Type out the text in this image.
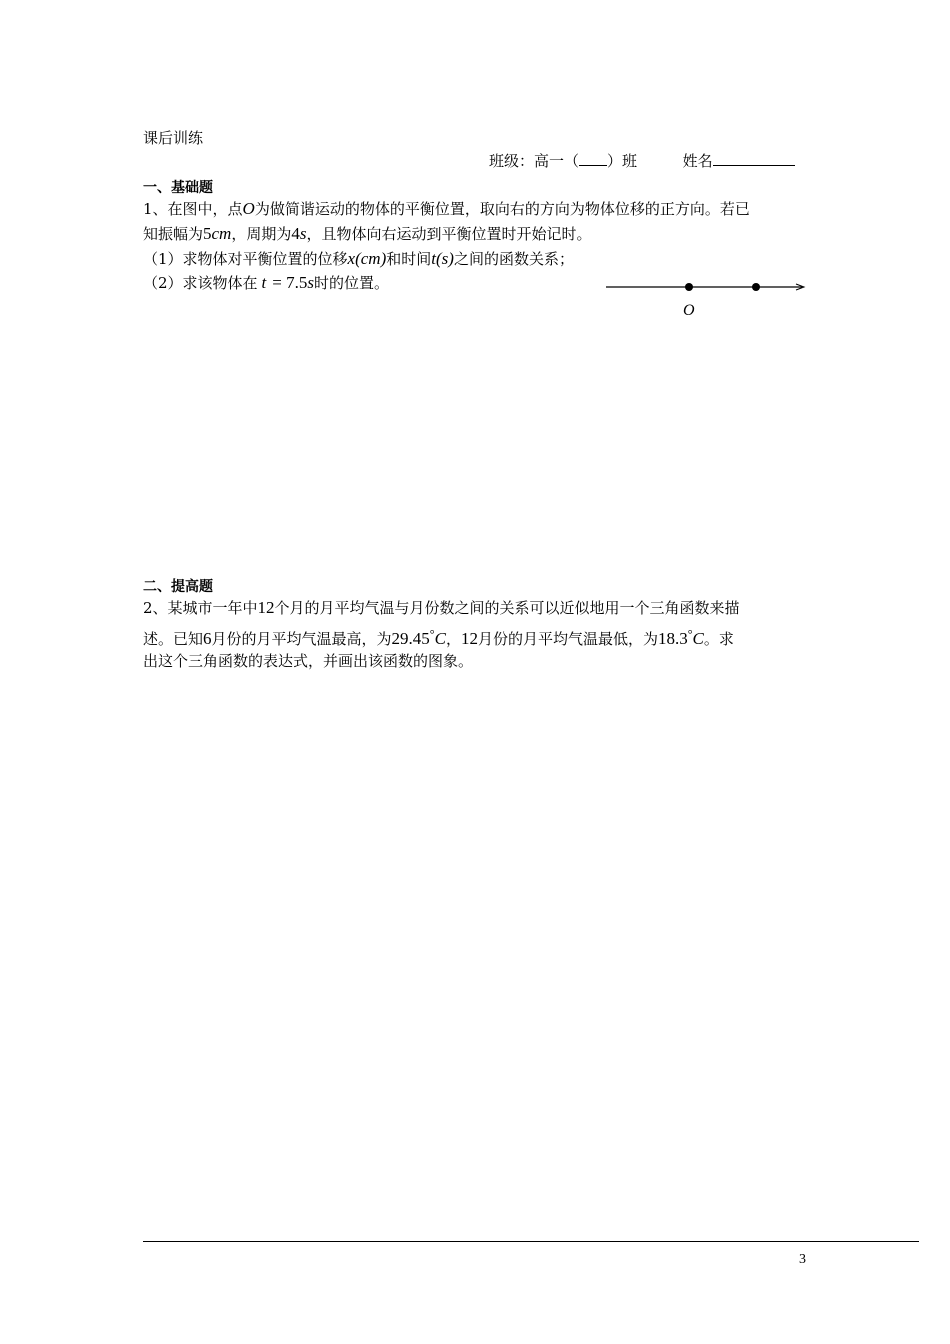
课后训练
班级：高一（ ）班	姓名
一、基础题
1、在图中，点O为做简谐运动的物体的平衡位置，取向右的方向为物体位移的正方向。若已
知振幅为5cm，周期为4s，且物体向右运动到平衡位置时开始记时。
（1）求物体对平衡位置的位移x(cm)和时间t(s)之间的函数关系；
（2）求该物体在 t = 7.5s时的位置。
O
二、提高题
2、某城市一年中12个月的月平均气温与月份数之间的关系可以近似地用一个三角函数来描
述。已知6月份的月平均气温最高，为29.45°C，12月份的月平均气温最低，为18.3°C。求
出这个三角函数的表达式，并画出该函数的图象。
3
